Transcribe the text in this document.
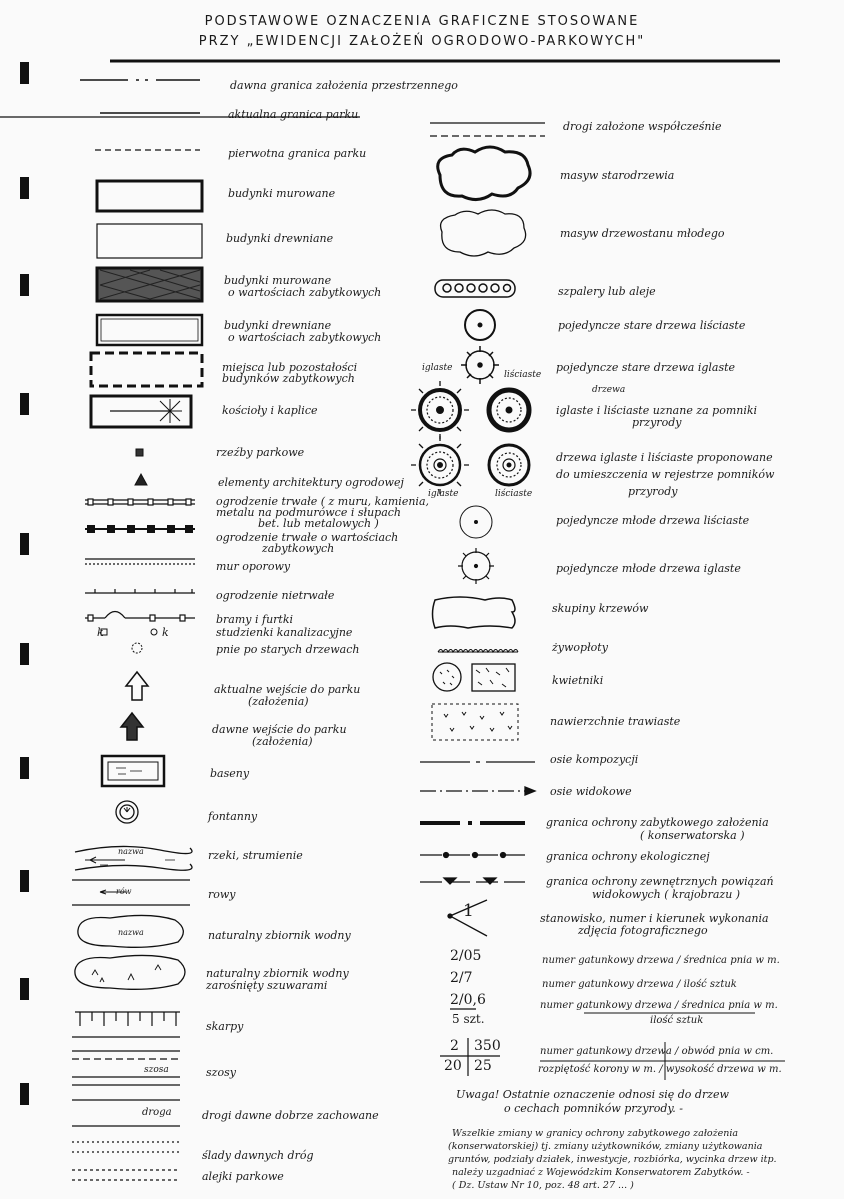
PODSTAWOWE OZNACZENIA GRAFICZNE STOSOWANE
PRZY „EWIDENCJI ZAŁOŻEŃ OGRODOWO-PARKOWYCH"
k	k
nazwa
rów
nazwa
szosa
droga
dawna granica założenia przestrzennego
aktualna granica parku
pierwotna granica parku
budynki murowane
budynki drewniane
budynki murowane
o wartościach zabytkowych
budynki drewniane
o wartościach zabytkowych
miejsca lub pozostałości
budynków zabytkowych
kościoły i kaplice
rzeźby parkowe
elementy architektury ogrodowej
ogrodzenie trwałe ( z muru, kamienia,
metalu na podmurówce i słupach
bet. lub metalowych )
ogrodzenie trwałe o wartościach
zabytkowych
mur oporowy
ogrodzenie nietrwałe
bramy i furtki
studzienki kanalizacyjne
pnie po starych drzewach
aktualne wejście do parku
(założenia)
dawne wejście do parku
(założenia)
baseny
fontanny
rzeki, strumienie
rowy
naturalny zbiornik wodny
naturalny zbiornik wodny
zarośnięty szuwarami
skarpy
szosy
drogi dawne dobrze zachowane
ślady dawnych dróg
alejki parkowe
iglaste
liściaste
iglaste	liściaste
drzewa
1
2/05
2/7
2/0,6
5 szt.
2 350
20 25
drogi założone współcześnie
masyw starodrzewia
masyw drzewostanu młodego
szpalery lub aleje
pojedyncze stare drzewa liściaste
pojedyncze stare drzewa iglaste
iglaste i liściaste uznane za pomniki
przyrody
drzewa iglaste i liściaste proponowane
do umieszczenia w rejestrze pomników
przyrody
pojedyncze młode drzewa liściaste
pojedyncze młode drzewa iglaste
skupiny krzewów
żywopłoty
kwietniki
nawierzchnie trawiaste
osie kompozycji
osie widokowe
granica ochrony zabytkowego założenia
( konserwatorska )
granica ochrony ekologicznej
granica ochrony zewnętrznych powiązań
widokowych ( krajobrazu )
stanowisko, numer i kierunek wykonania
zdjęcia fotograficznego
numer gatunkowy drzewa / średnica pnia w m.
numer gatunkowy drzewa / ilość sztuk
numer gatunkowy drzewa / średnica pnia w m.
ilość sztuk
numer gatunkowy drzewa / obwód pnia w cm.
rozpiętość korony w m. / wysokość drzewa w m.
Uwaga! Ostatnie oznaczenie odnosi się do drzew
o cechach pomników przyrody. -
Wszelkie zmiany w granicy ochrony zabytkowego założenia
(konserwatorskiej) tj. zmiany użytkowników, zmiany użytkowania
gruntów, podziały działek, inwestycje, rozbiórka, wycinka drzew itp.
należy uzgadniać z Wojewódzkim Konserwatorem Zabytków. -
( Dz. Ustaw Nr 10, poz. 48 art. 27 ... )
